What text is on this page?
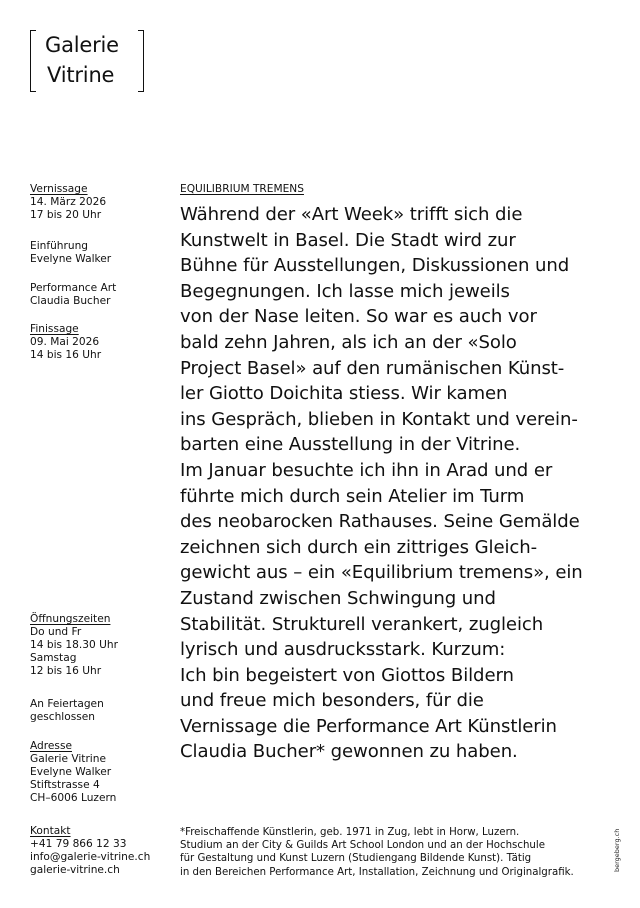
Galerie
Vitrine
Vernissage
14. März 2026
17 bis 20 Uhr
Einführung
Evelyne Walker
Performance Art
Claudia Bucher
Finissage
09. Mai 2026
14 bis 16 Uhr
Öffnungszeiten
Do und Fr
14 bis 18.30 Uhr
Samstag
12 bis 16 Uhr
An Feiertagen
geschlossen
Adresse
Galerie Vitrine
Evelyne Walker
Stiftstrasse 4
CH–6006 Luzern
Kontakt
+41 79 866 12 33
info@galerie-vitrine.ch
galerie-vitrine.ch
EQUILIBRIUM TREMENS
Während der «Art Week» trifft sich die
Kunstwelt in Basel. Die Stadt wird zur
Bühne für Ausstellungen, Diskussionen und
Begegnungen. Ich lasse mich jeweils
von der Nase leiten. So war es auch vor
bald zehn Jahren, als ich an der «Solo
Project Basel» auf den rumänischen Künst-
ler Giotto Doichita stiess. Wir kamen
ins Gespräch, blieben in Kontakt und verein-
barten eine Ausstellung in der Vitrine.
Im Januar besuchte ich ihn in Arad und er
führte mich durch sein Atelier im Turm
des neobarocken Rathauses. Seine Gemälde
zeichnen sich durch ein zittriges Gleich-
gewicht aus – ein «Equilibrium tremens», ein
Zustand zwischen Schwingung und
Stabilität. Strukturell verankert, zugleich
lyrisch und ausdrucksstark. Kurzum:
Ich bin begeistert von Giottos Bildern
und freue mich besonders, für die
Vernissage die Performance Art Künstlerin
Claudia Bucher* gewonnen zu haben.
*Freischaffende Künstlerin, geb. 1971 in Zug, lebt in Horw, Luzern.
Studium an der City & Guilds Art School London und an der Hochschule
für Gestaltung und Kunst Luzern (Studiengang Bildende Kunst). Tätig
in den Bereichen Performance Art, Installation, Zeichnung und Originalgrafik.
bergeberg.ch
